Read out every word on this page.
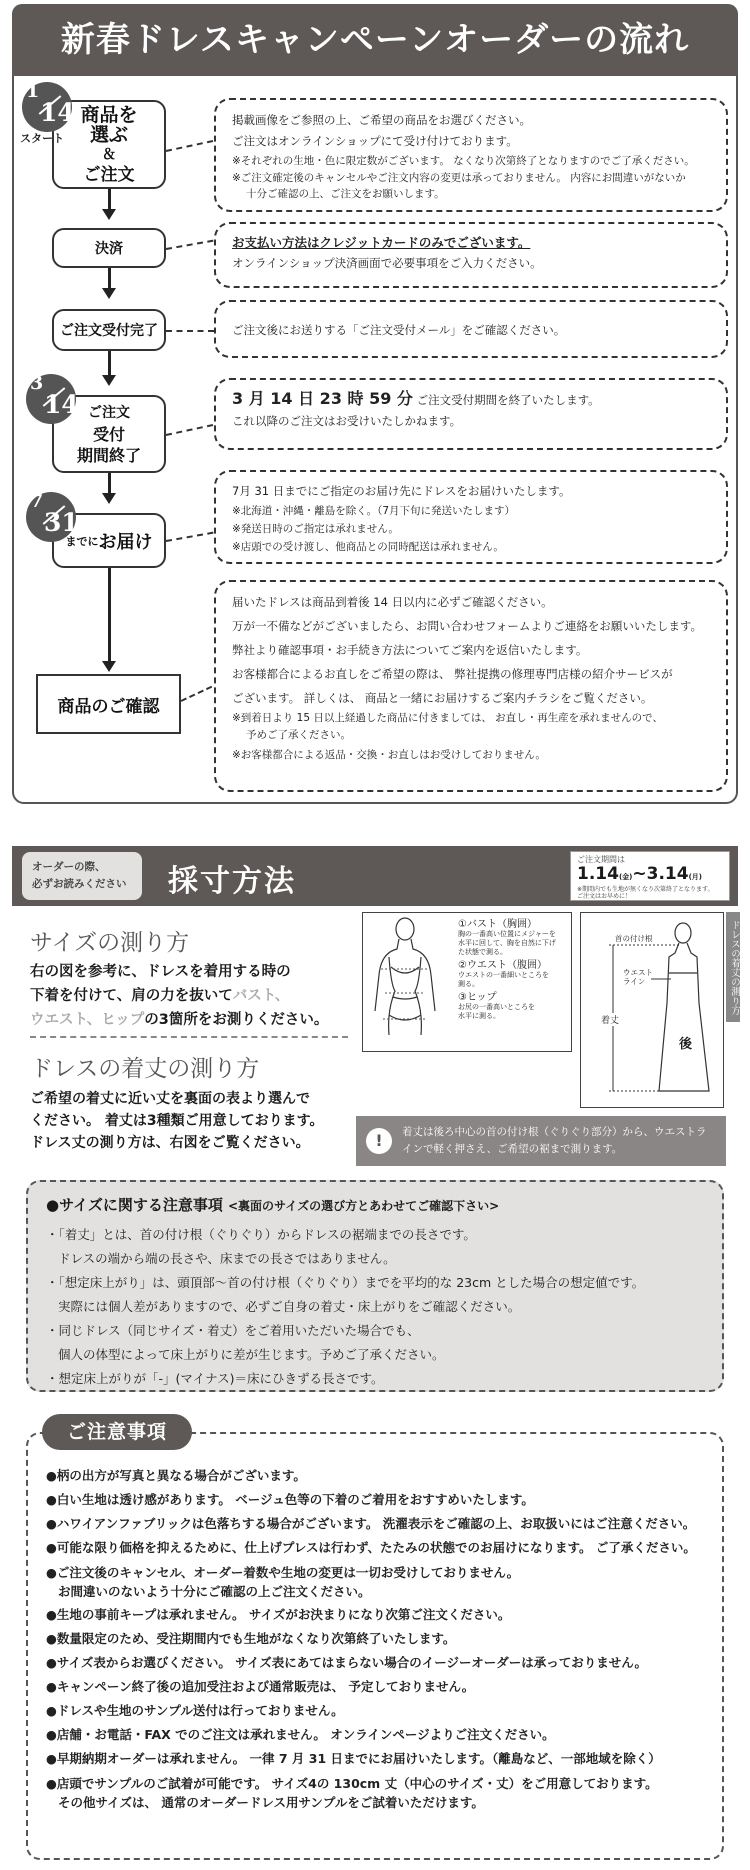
新春ドレスキャンペーンオーダーの流れ
商品を
選ぶ
＆
ご注文
決済
ご注文受付完了
ご注文
受付
期間終了
までに お届け
商品のご確認
1
14
スタート
3
14
7
31
掲載画像をご参照の上、ご希望の商品をお選びください。
ご注文はオンラインショップにて受け付けております。
※それぞれの生地・色に限定数がございます。 なくなり次第終了となりますのでご了承ください。
※ご注文確定後のキャンセルやご注文内容の変更は承っておりません。 内容にお間違いがないか
十分ご確認の上、ご注文をお願いします。
お支払い方法はクレジットカードのみでございます。
オンラインショップ決済画面で必要事項をご入力ください。
ご注文後にお送りする「ご注文受付メール」をご確認ください。
3 月 14 日 23 時 59 分 ご注文受付期間を終了いたします。
これ以降のご注文はお受けいたしかねます。
7月 31 日までにご指定のお届け先にドレスをお届けいたします。
※北海道・沖縄・離島を除く。（7月下旬に発送いたします）
※発送日時のご指定は承れません。
※店頭での受け渡し、他商品との同時配送は承れません。
届いたドレスは商品到着後 14 日以内に必ずご確認ください。
万が一不備などがございましたら、お問い合わせフォームよりご連絡をお願いいたします。
弊社より確認事項・お手続き方法についてご案内を返信いたします。
お客様都合によるお直しをご希望の際は、 弊社提携の修理専門店様の紹介サービスが
ございます。 詳しくは、 商品と一緒にお届けするご案内チラシをご覧ください。
※到着日より 15 日以上経過した商品に付きましては、 お直し・再生産を承れませんので、
予めご了承ください。
※お客様都合による返品・交換・お直しはお受けしておりません。
オーダーの際、
必ずお読みください 採寸方法
ご注文期間は
1.14(金)~3.14(月)
※期間内でも生地が無くなり次第終了となります。
ご注文はお早めに！
サイズの測り方
右の図を参考に、ドレスを着用する時の
下着を付けて、肩の力を抜いてバスト、
ウエスト、ヒップの3箇所をお測りください。
ドレスの着丈の測り方
ご希望の着丈に近い丈を裏面の表より選んで
ください。 着丈は3種類ご用意しております。
ドレス丈の測り方は、右図をご覧ください。
①バスト（胸囲）
胸の一番高い位置にメジャーを
水平に回して、胸を自然に下げ
た状態で測る。
②ウエスト（腹囲）
ウエストの一番細いところを
測る。
③ヒップ
お尻の一番高いところを
水平に測る。
首の付け根
ウエスト
ライン
着丈
後
ドレスの着丈の測り方
!	着丈は後ろ中心の首の付け根（ぐりぐり部分）から、ウエストラインで軽く押さえ、ご希望の裾まで測ります。
●サイズに関する注意事項 <裏面のサイズの選び方とあわせてご確認下さい>
・「着丈」とは、首の付け根（ぐりぐり）からドレスの裾端までの長さです。
ドレスの端から端の長さや、床までの長さではありません。
・「想定床上がり」は、頭頂部～首の付け根（ぐりぐり）までを平均的な 23cm とした場合の想定値です。
実際には個人差がありますので、必ずご自身の着丈・床上がりをご確認ください。
・同じドレス（同じサイズ・着丈）をご着用いただいた場合でも、
個人の体型によって床上がりに差が生じます。予めご了承ください。
・想定床上がりが「-」(マイナス)＝床にひきずる長さです。
●柄の出方が写真と異なる場合がございます。
●白い生地は透け感があります。 ベージュ色等の下着のご着用をおすすめいたします。
●ハワイアンファブリックは色落ちする場合がございます。 洗濯表示をご確認の上、お取扱いにはご注意ください。
●可能な限り価格を抑えるために、仕上げプレスは行わず、たたみの状態でのお届けになります。 ご了承ください。
●ご注文後のキャンセル、オーダー着数や生地の変更は一切お受けしておりません。
お間違いのないよう十分にご確認の上ご注文ください。
●生地の事前キープは承れません。 サイズがお決まりになり次第ご注文ください。
●数量限定のため、受注期間内でも生地がなくなり次第終了いたします。
●サイズ表からお選びください。 サイズ表にあてはまらない場合のイージーオーダーは承っておりません。
●キャンペーン終了後の追加受注および通常販売は、 予定しておりません。
●ドレスや生地のサンプル送付は行っておりません。
●店舗・お電話・FAX でのご注文は承れません。 オンラインページよりご注文ください。
●早期納期オーダーは承れません。 一律 7 月 31 日までにお届けいたします。（離島など、一部地域を除く）
●店頭でサンプルのご試着が可能です。 サイズ4の 130cm 丈（中心のサイズ・丈）をご用意しております。
その他サイズは、 通常のオーダードレス用サンプルをご試着いただけます。
ご注意事項
